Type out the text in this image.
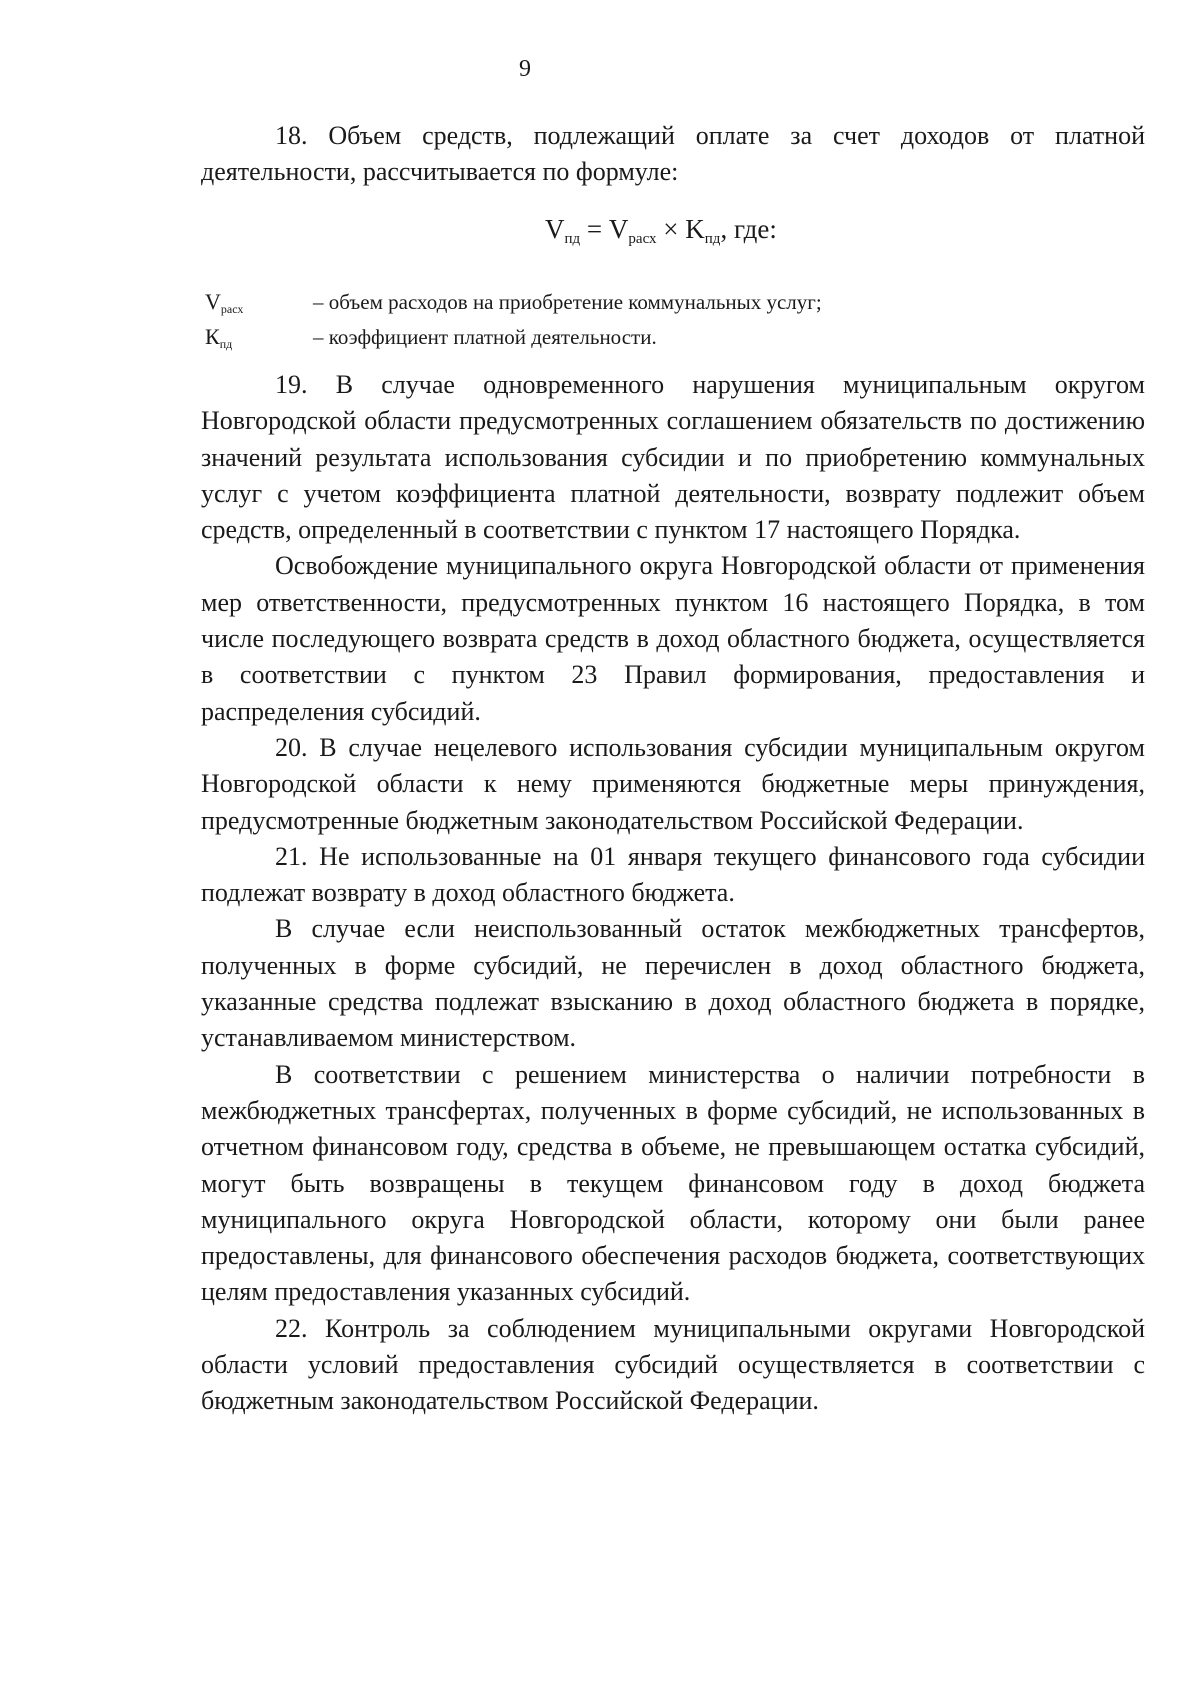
9

18. Объем средств, подлежащий оплате за счет доходов от платной деятельности, рассчитывается по формуле:

$V_{пд} = V_{расх} \times K_{пд}$, где:
$V_{расх}$	– объем расходов на приобретение коммунальных услуг;
$К_{пд}$	– коэффициент платной деятельности.

19. В случае одновременного нарушения муниципальным округом Новгородской области предусмотренных соглашением обязательств по достижению значений результата использования субсидии и по приобретению коммунальных услуг с учетом коэффициента платной деятельности, возврату подлежит объем средств, определенный в соответствии с пунктом 17 настоящего Порядка.

Освобождение муниципального округа Новгородской области от применения мер ответственности, предусмотренных пунктом 16 настоящего Порядка, в том числе последующего возврата средств в доход областного бюджета, осуществляется в соответствии с пунктом 23 Правил формирования, предоставления и распределения субсидий.

20. В случае нецелевого использования субсидии муниципальным округом Новгородской области к нему применяются бюджетные меры принуждения, предусмотренные бюджетным законодательством Российской Федерации.

21. Не использованные на 01 января текущего финансового года субсидии подлежат возврату в доход областного бюджета.

В случае если неиспользованный остаток межбюджетных трансфертов, полученных в форме субсидий, не перечислен в доход областного бюджета, указанные средства подлежат взысканию в доход областного бюджета в порядке, устанавливаемом министерством.

В соответствии с решением министерства о наличии потребности в межбюджетных трансфертах, полученных в форме субсидий, не использованных в отчетном финансовом году, средства в объеме, не превышающем остатка субсидий, могут быть возвращены в текущем финансовом году в доход бюджета муниципального округа Новгородской области, которому они были ранее предоставлены, для финансового обеспечения расходов бюджета, соответствующих целям предоставления указанных субсидий.

22. Контроль за соблюдением муниципальными округами Новгородской области условий предоставления субсидий осуществляется в соответствии с бюджетным законодательством Российской Федерации.
